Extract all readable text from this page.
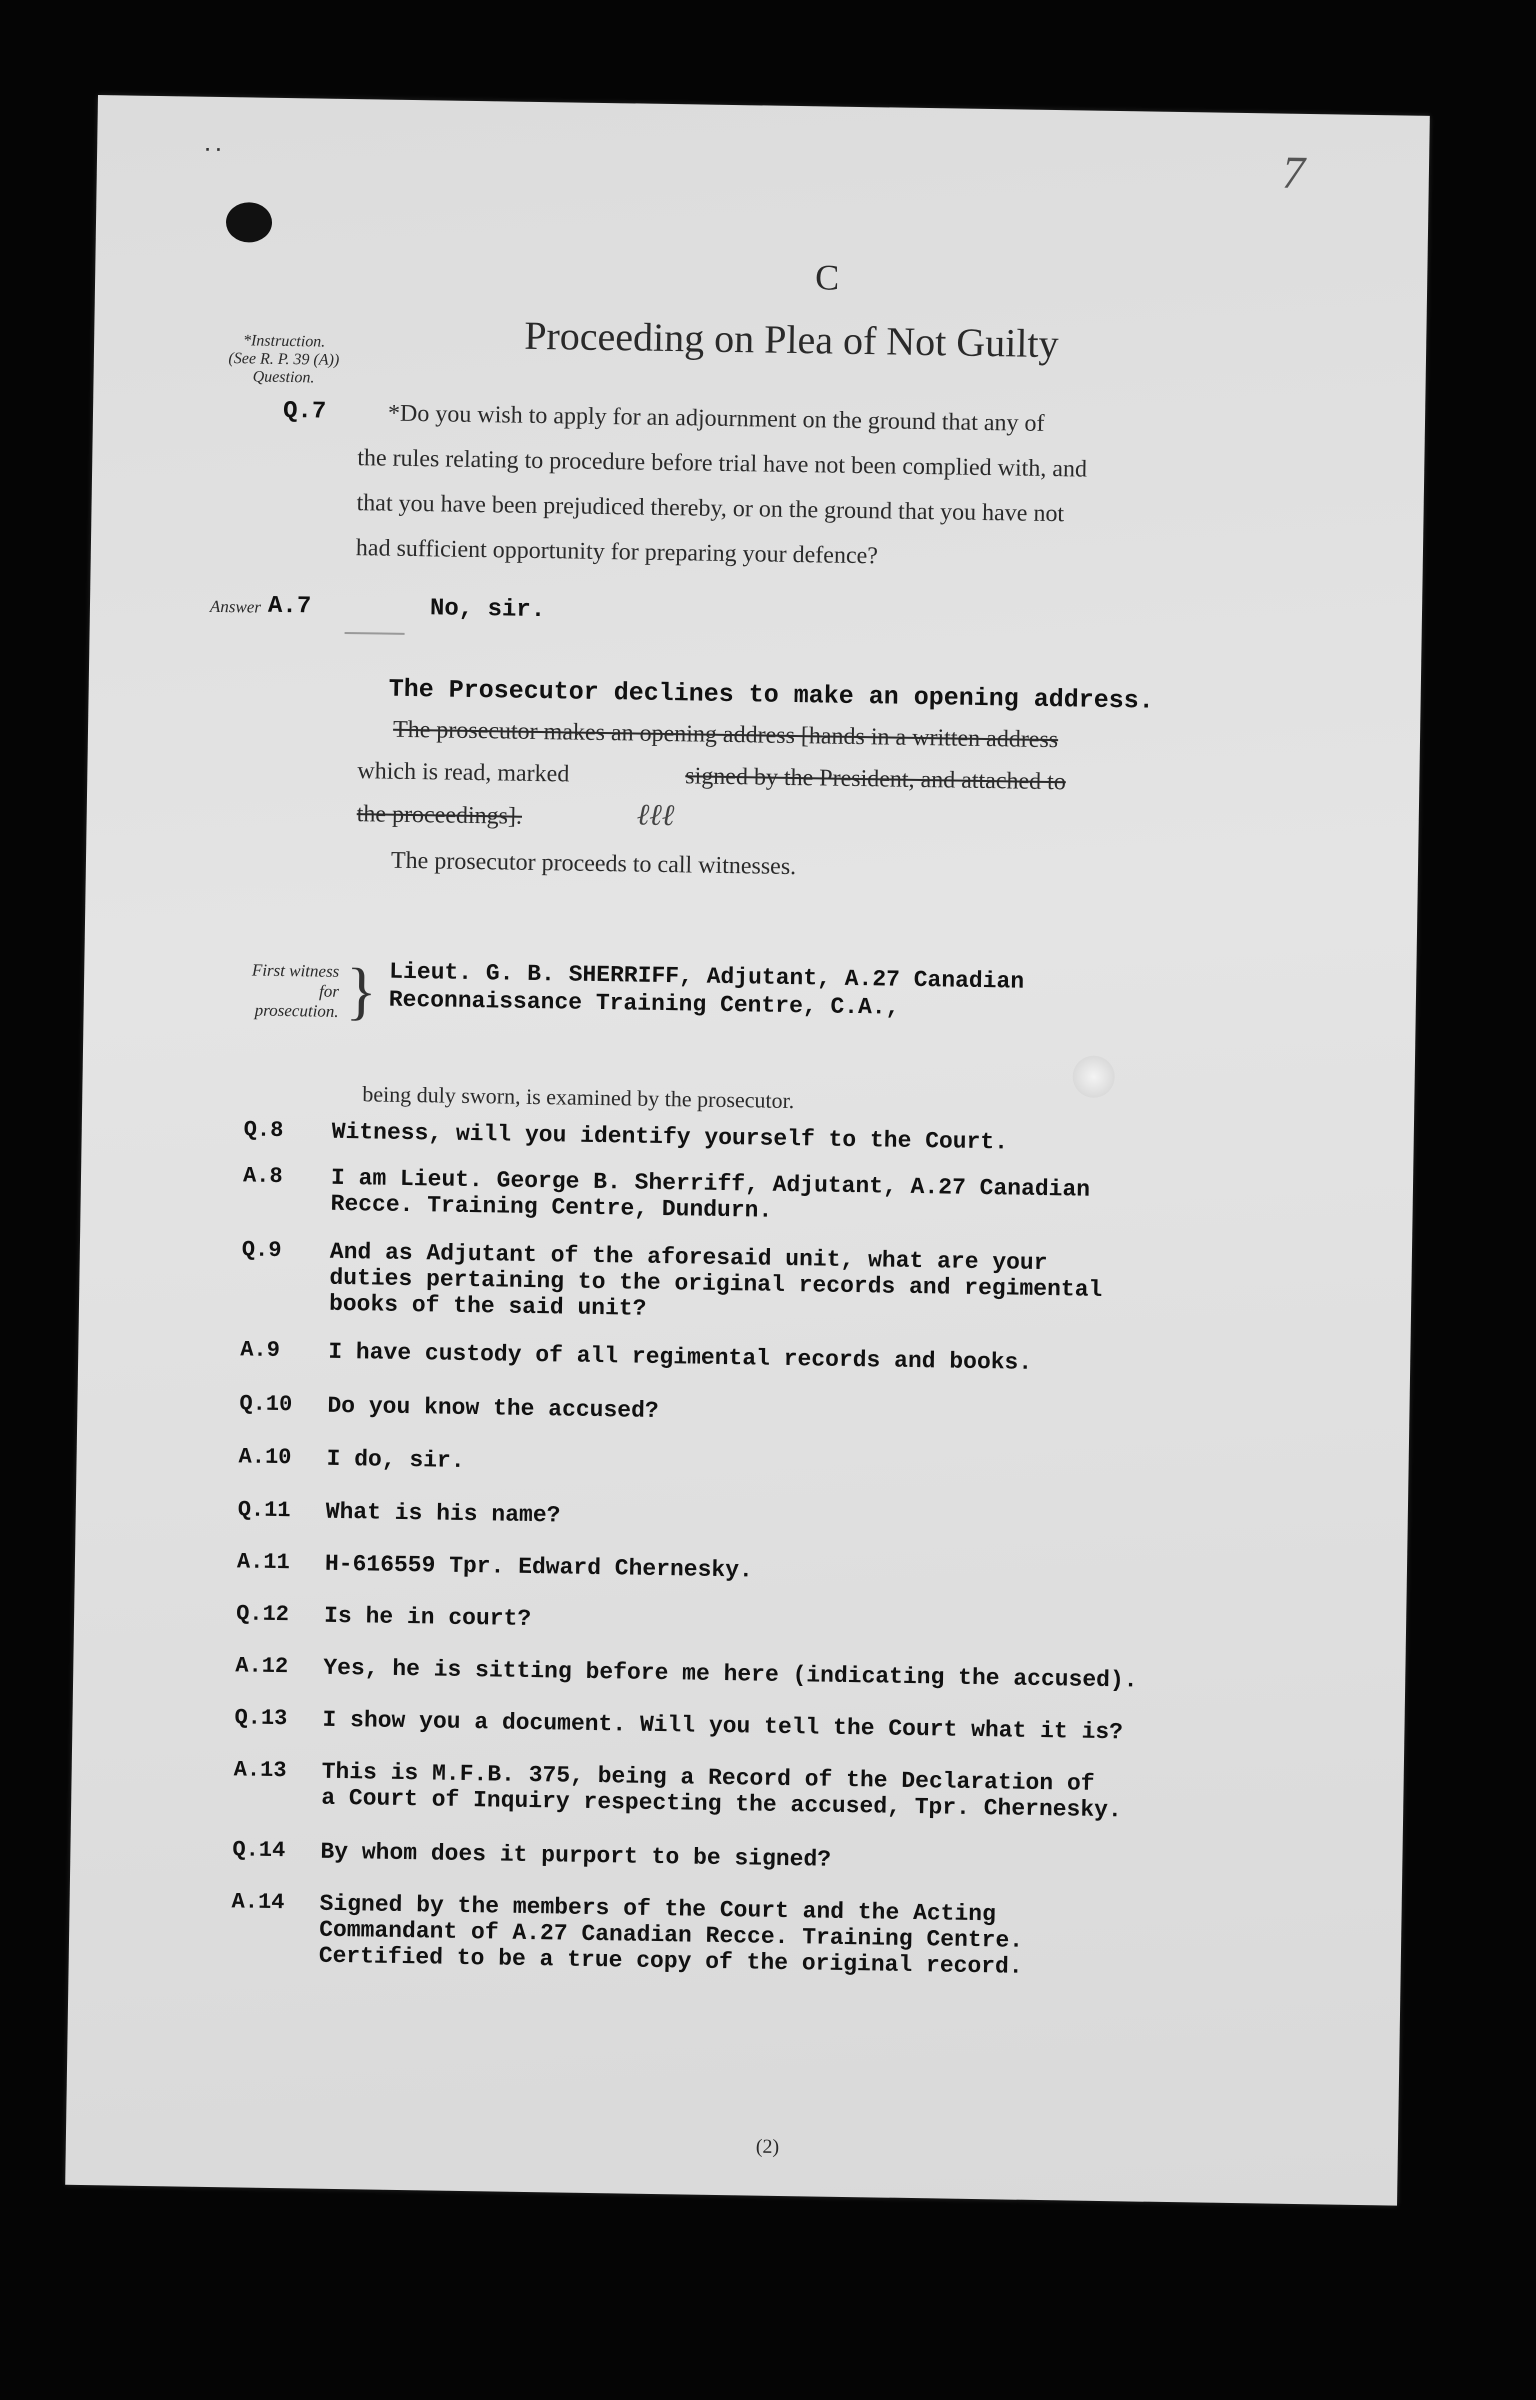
..	7
C
Proceeding on Plea of Not Guilty
*Instruction.
(See R. P. 39 (A))
Question.
Q.7	*Do you wish to apply for an adjournment on the ground that any of
the rules relating to procedure before trial have not been complied with, and
that you have been prejudiced thereby, or on the ground that you have not
had sufficient opportunity for preparing your defence?
Answer A.7	No, sir.
The Prosecutor declines to make an opening address.
The prosecutor makes an opening address [hands in a written address
which is read, marked	signed by the President, and attached to
ℓℓℓ
the proceedings].
The prosecutor proceeds to call witnesses.
First witness
for
prosecution. } Lieut. G. B. SHERRIFF, Adjutant, A.27 Canadian
Reconnaissance Training Centre, C.A.,
being duly sworn, is examined by the prosecutor.
Q.8 Witness, will you identify yourself to the Court.
A.8 I am Lieut. George B. Sherriff, Adjutant, A.27 Canadian
Recce. Training Centre, Dundurn.
Q.9 And as Adjutant of the aforesaid unit, what are your
duties pertaining to the original records and regimental
books of the said unit?
A.9 I have custody of all regimental records and books.
Q.10 Do you know the accused?
A.10 I do, sir.
Q.11 What is his name?
A.11 H-616559 Tpr. Edward Chernesky.
Q.12 Is he in court?
A.12 Yes, he is sitting before me here (indicating the accused).
Q.13 I show you a document. Will you tell the Court what it is?
A.13 This is M.F.B. 375, being a Record of the Declaration of
a Court of Inquiry respecting the accused, Tpr. Chernesky.
Q.14 By whom does it purport to be signed?
A.14 Signed by the members of the Court and the Acting
Commandant of A.27 Canadian Recce. Training Centre.
Certified to be a true copy of the original record.
(2)
